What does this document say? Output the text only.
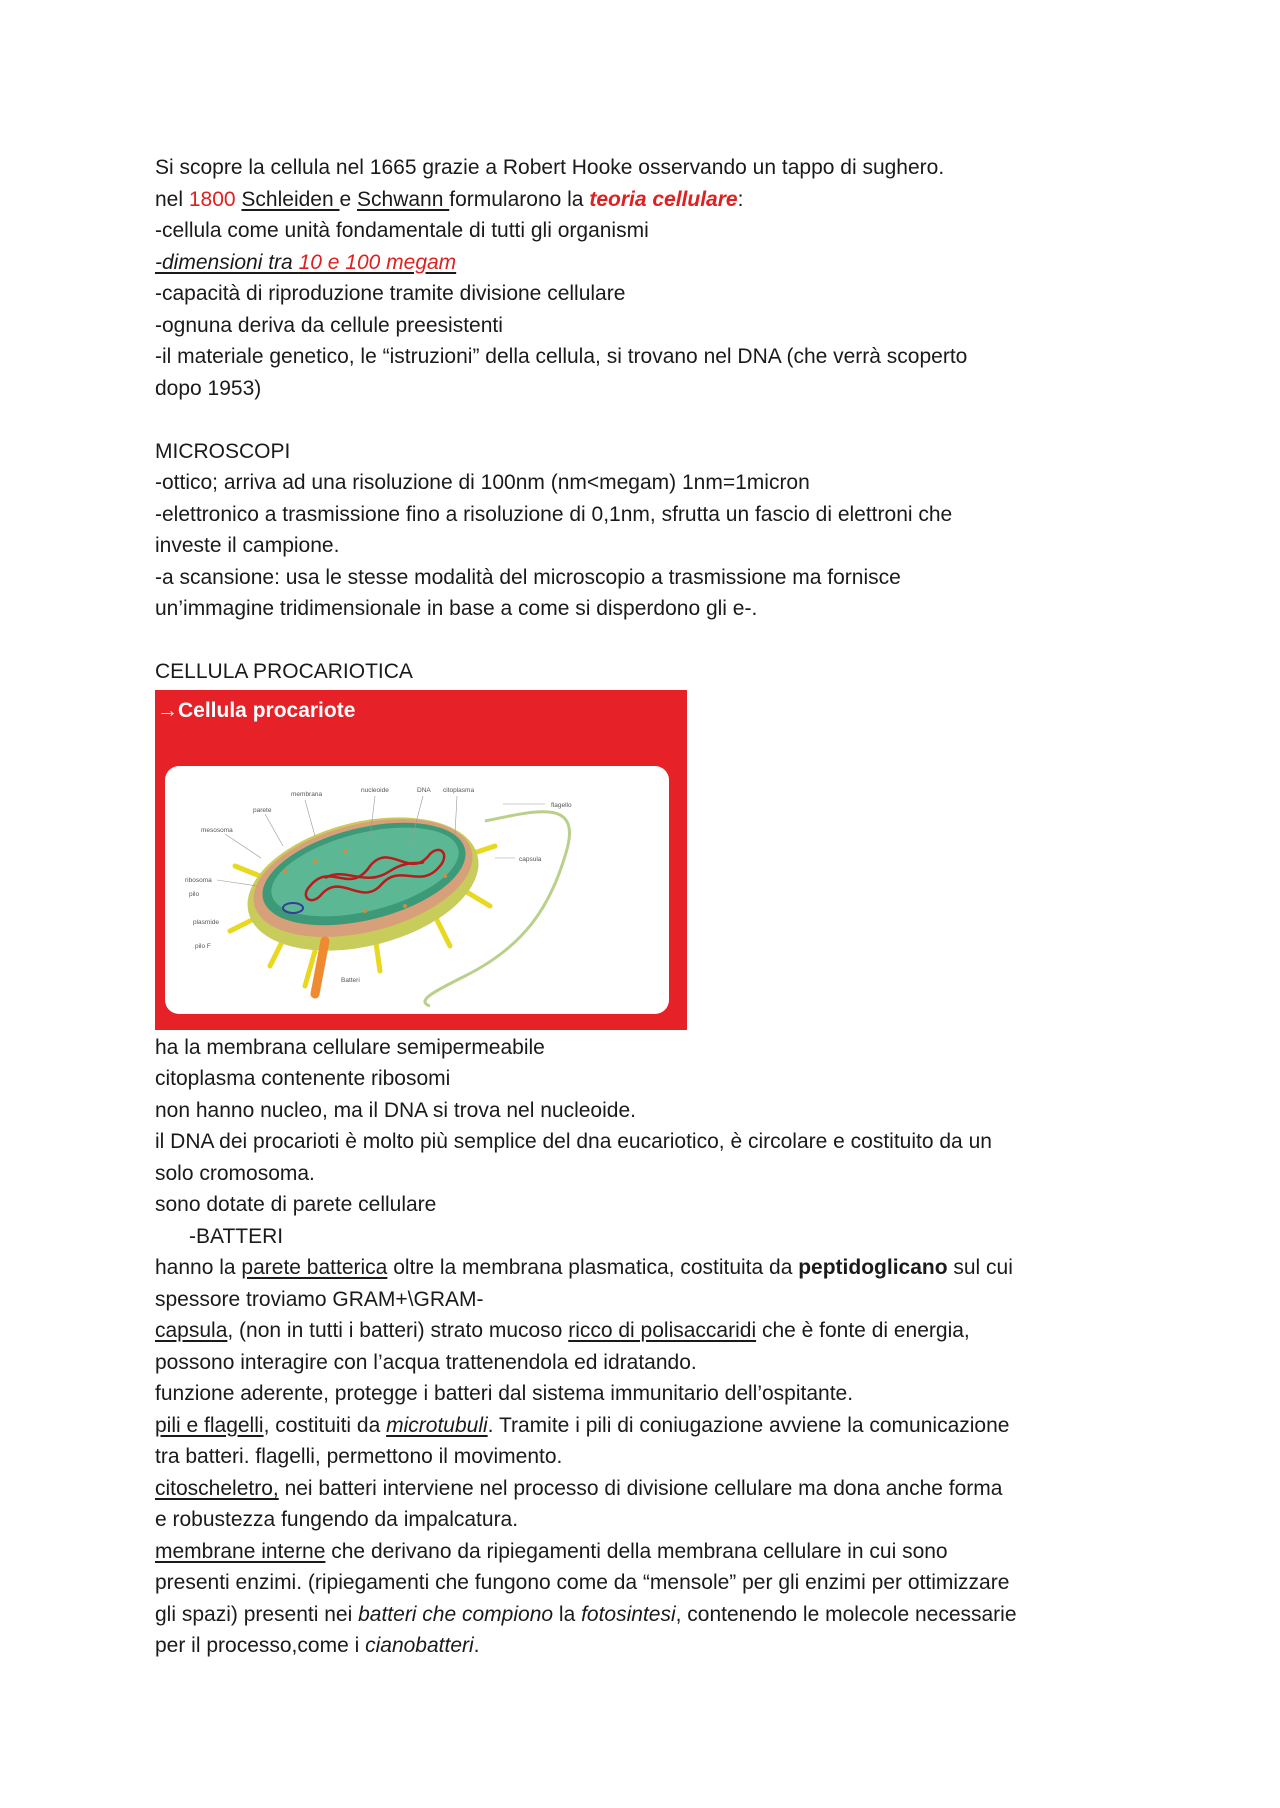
Si scopre la cellula nel 1665 grazie a Robert Hooke osservando un tappo di sughero.
nel 1800 Schleiden e Schwann formularono la teoria cellulare:
-cellula come unità fondamentale di tutti gli organismi
-dimensioni tra 10 e 100 megam
-capacità di riproduzione tramite divisione cellulare
-ognuna deriva da cellule preesistenti
-il materiale genetico, le “istruzioni” della cellula, si trovano nel DNA (che verrà scoperto
dopo 1953)
MICROSCOPI
-ottico; arriva ad una risoluzione di 100nm (nm<megam) 1nm=1micron
-elettronico a trasmissione fino a risoluzione di 0,1nm, sfrutta un fascio di elettroni che
investe il campione.
-a scansione: usa le stesse modalità del microscopio a trasmissione ma fornisce
un’immagine tridimensionale in base a come si disperdono gli e-.
CELLULA PROCARIOTICA
→Cellula procariote
membrana
nucleoide	DNA citoplasma
parete
mesosoma
flagello
capsula
ribosoma
pilo
plasmide
pilo F
Batteri
ha la membrana cellulare semipermeabile
citoplasma contenente ribosomi
non hanno nucleo, ma il DNA si trova nel nucleoide.
il DNA dei procarioti è molto più semplice del dna eucariotico, è circolare e costituito da un
solo cromosoma.
sono dotate di parete cellulare
-BATTERI
hanno la parete batterica oltre la membrana plasmatica, costituita da peptidoglicano sul cui
spessore troviamo GRAM+\GRAM-
capsula, (non in tutti i batteri) strato mucoso ricco di polisaccaridi che è fonte di energia,
possono interagire con l’acqua trattenendola ed idratando.
funzione aderente, protegge i batteri dal sistema immunitario dell’ospitante.
pili e flagelli, costituiti da microtubuli. Tramite i pili di coniugazione avviene la comunicazione
tra batteri. flagelli, permettono il movimento.
citoscheletro, nei batteri interviene nel processo di divisione cellulare ma dona anche forma
e robustezza fungendo da impalcatura.
membrane interne che derivano da ripiegamenti della membrana cellulare in cui sono
presenti enzimi. (ripiegamenti che fungono come da “mensole” per gli enzimi per ottimizzare
gli spazi) presenti nei batteri che compiono la fotosintesi, contenendo le molecole necessarie
per il processo,come i cianobatteri.
